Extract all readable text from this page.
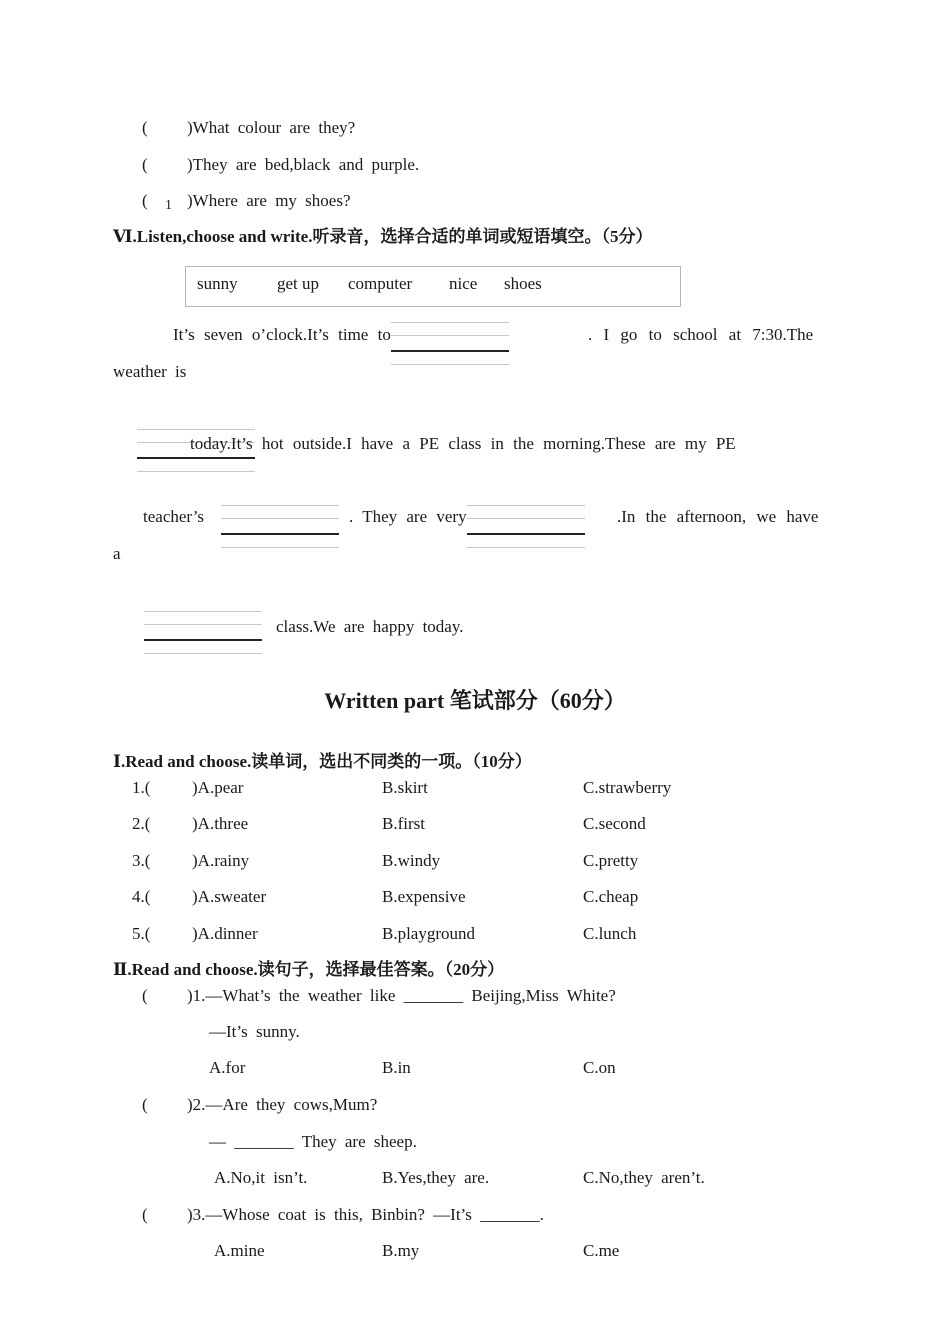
( )What colour are they?
( )They are bed,black and purple.
( 1 )Where are my shoes?
Ⅵ.Listen,choose and write.听录音，选择合适的单词或短语填空。（5分）
sunny get up computer nice shoes
It’s seven o’clock.It’s time to	. I go to school at 7:30.The
weather is
today.It’s hot outside.I have a PE class in the morning.These are my PE
teacher’s	. They are very	.In the afternoon, we have
a
class.We are happy today.
Written part 笔试部分（60分）
Ⅰ.Read and choose.读单词，选出不同类的一项。（10分）
1.( )A.pear	B.skirt	C.strawberry
2.( )A.three	B.first	C.second
3.( )A.rainy	B.windy	C.pretty
4.( )A.sweater	B.expensive	C.cheap
5.( )A.dinner	B.playground	C.lunch
Ⅱ.Read and choose.读句子，选择最佳答案。（20分）
( )1.—What’s the weather like _______ Beijing,Miss White?
—It’s sunny.
A.for	B.in	C.on
( )2.—Are they cows,Mum?
— _______ They are sheep.
A.No,it isn’t.	B.Yes,they are.	C.No,they aren’t.
( )3.—Whose coat is this, Binbin? —It’s _______.
A.mine	B.my	C.me
